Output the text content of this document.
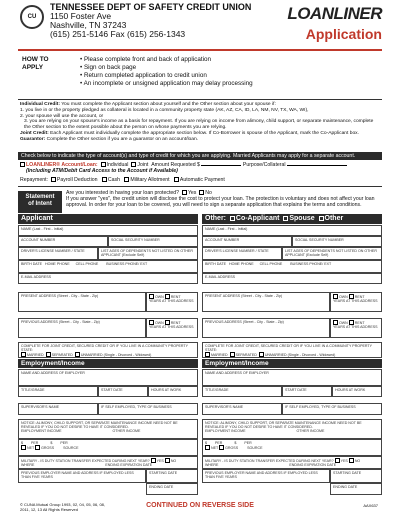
CU
TENNESSEE DEPT OF SAFETY CREDIT UNION
1150 Foster Ave
Nashville, TN 37243
(615) 251-5146 Fax (615) 256-1343
LOANLINER
Application
HOW TO
APPLY
• Please complete front and back of application
• Sign on back page
• Return completed application to credit union
• An incomplete or unsigned application may delay processing
Individual Credit: You must complete the Applicant section about yourself and the Other section about your spouse if:
1. you live in or the property pledged as collateral is located in a community property state (AK, AZ, CA, ID, LA, NM, NV, TX, WA, WI),
2. your spouse will use the account, or
3. you are relying on your spouse's income as a basis for repayment. If you are relying on income from alimony, child support, or separate maintenance, complete the Other section to the extent possible about the person on whose payments you are relying.
Joint Credit: Each Applicant must individually complete the appropriate section below. If Co-Borrower is spouse of the Applicant, mark the Co-Applicant box.
Guarantor: Complete the Other section if you are a guarantor on an account/loan.
Check below to indicate the type of account(s) and type of credit for which you are applying. Married Applicants may apply for a separate account.
LOANLINER® Account/Loan: Individual Joint Amount Requested $	Purpose/Collateral
(Including ATM/Debit Card Access to the Account if Available)
Repayment: Payroll Deduction Cash Military Allotment Automatic Payment
Statement
of Intent
Are you interested in having your loan protected? Yes No
If you answer "yes", the credit union will disclose the cost to protect your loan. The protection is voluntary and does not affect your loan approval. In order for your loan to be covered, you will need to sign a separate application that explains the terms and conditions.
Applicant	Other: Co-Applicant Spouse Other
NAME (Last - First - Initial)
ACCOUNT NUMBER	SOCIAL SECURITY NUMBER
DRIVER'S LICENSE NUMBER / STATE	LIST AGES OF DEPENDENTS NOT LISTED ON OTHER APPLICANT (Exclude Self)
BIRTH DATE HOME PHONE CELL PHONE BUSINESS PHONE/ EXT
E-MAIL ADDRESS
PRESENT ADDRESS (Street - City - State - Zip)	OWN RENT
YEARS AT THIS ADDRESS
PREVIOUS ADDRESS (Street - City - State - Zip)	OWN RENT
YEARS AT THIS ADDRESS
COMPLETE FOR JOINT CREDIT, SECURED CREDIT OR IF YOU LIVE IN A COMMUNITY PROPERTY STATE:
MARRIED SEPARATED UNMARRIED (Single - Divorced - Widowed)
Employment/Income
NAME AND ADDRESS OF EMPLOYER
TITLE/GRADE	START DATE	HOURS AT WORK
SUPERVISOR'S NAME	IF SELF EMPLOYED, TYPE OF BUSINESS
NOTICE: ALIMONY, CHILD SUPPORT, OR SEPARATE MAINTENANCE INCOME NEED NOT BE REVEALED IF YOU DO NOT DESIRE TO HAVE IT CONSIDERED.
EMPLOYMENT INCOME	OTHER INCOME
$ PER	$ PER
NET GROSS	SOURCE
MILITARY - IS DUTY STATION TRANSFER EXPECTED DURING NEXT YEAR? YES NO
WHERE	ENDING EXPIRATION DATE
PREVIOUS EMPLOYER NAME AND ADDRESS IF EMPLOYED LESS THAN FIVE YEARS
STARTING DATE
ENDING DATE
NAME (Last - First - Initial)
ACCOUNT NUMBER	SOCIAL SECURITY NUMBER
DRIVER'S LICENSE NUMBER / STATE	LIST AGES OF DEPENDENTS NOT LISTED ON OTHER APPLICANT (Exclude Self)
BIRTH DATE HOME PHONE CELL PHONE BUSINESS PHONE/ EXT
E-MAIL ADDRESS
PRESENT ADDRESS (Street - City - State - Zip)	OWN RENT
YEARS AT THIS ADDRESS
PREVIOUS ADDRESS (Street - City - State - Zip)	OWN RENT
YEARS AT THIS ADDRESS
COMPLETE FOR JOINT CREDIT, SECURED CREDIT OR IF YOU LIVE IN A COMMUNITY PROPERTY STATE:
MARRIED SEPARATED UNMARRIED (Single - Divorced - Widowed)
Employment/Income
NAME AND ADDRESS OF EMPLOYER
TITLE/GRADE	START DATE	HOURS AT WORK
SUPERVISOR'S NAME	IF SELF EMPLOYED, TYPE OF BUSINESS
NOTICE: ALIMONY, CHILD SUPPORT, OR SEPARATE MAINTENANCE INCOME NEED NOT BE REVEALED IF YOU DO NOT DESIRE TO HAVE IT CONSIDERED.
EMPLOYMENT INCOME	OTHER INCOME
$ PER	$ PER
NET GROSS	SOURCE
MILITARY - IS DUTY STATION TRANSFER EXPECTED DURING NEXT YEAR? YES NO
WHERE	ENDING EXPIRATION DATE
PREVIOUS EMPLOYER NAME AND ADDRESS IF EMPLOYED LESS THAN FIVE YEARS
STARTING DATE
ENDING DATE
© CUNA Mutual Group 1993, 02, 04, 05, 06, 08,
2011, 12, 13 All Rights Reserved
CONTINUED ON REVERSE SIDE	AAX637
